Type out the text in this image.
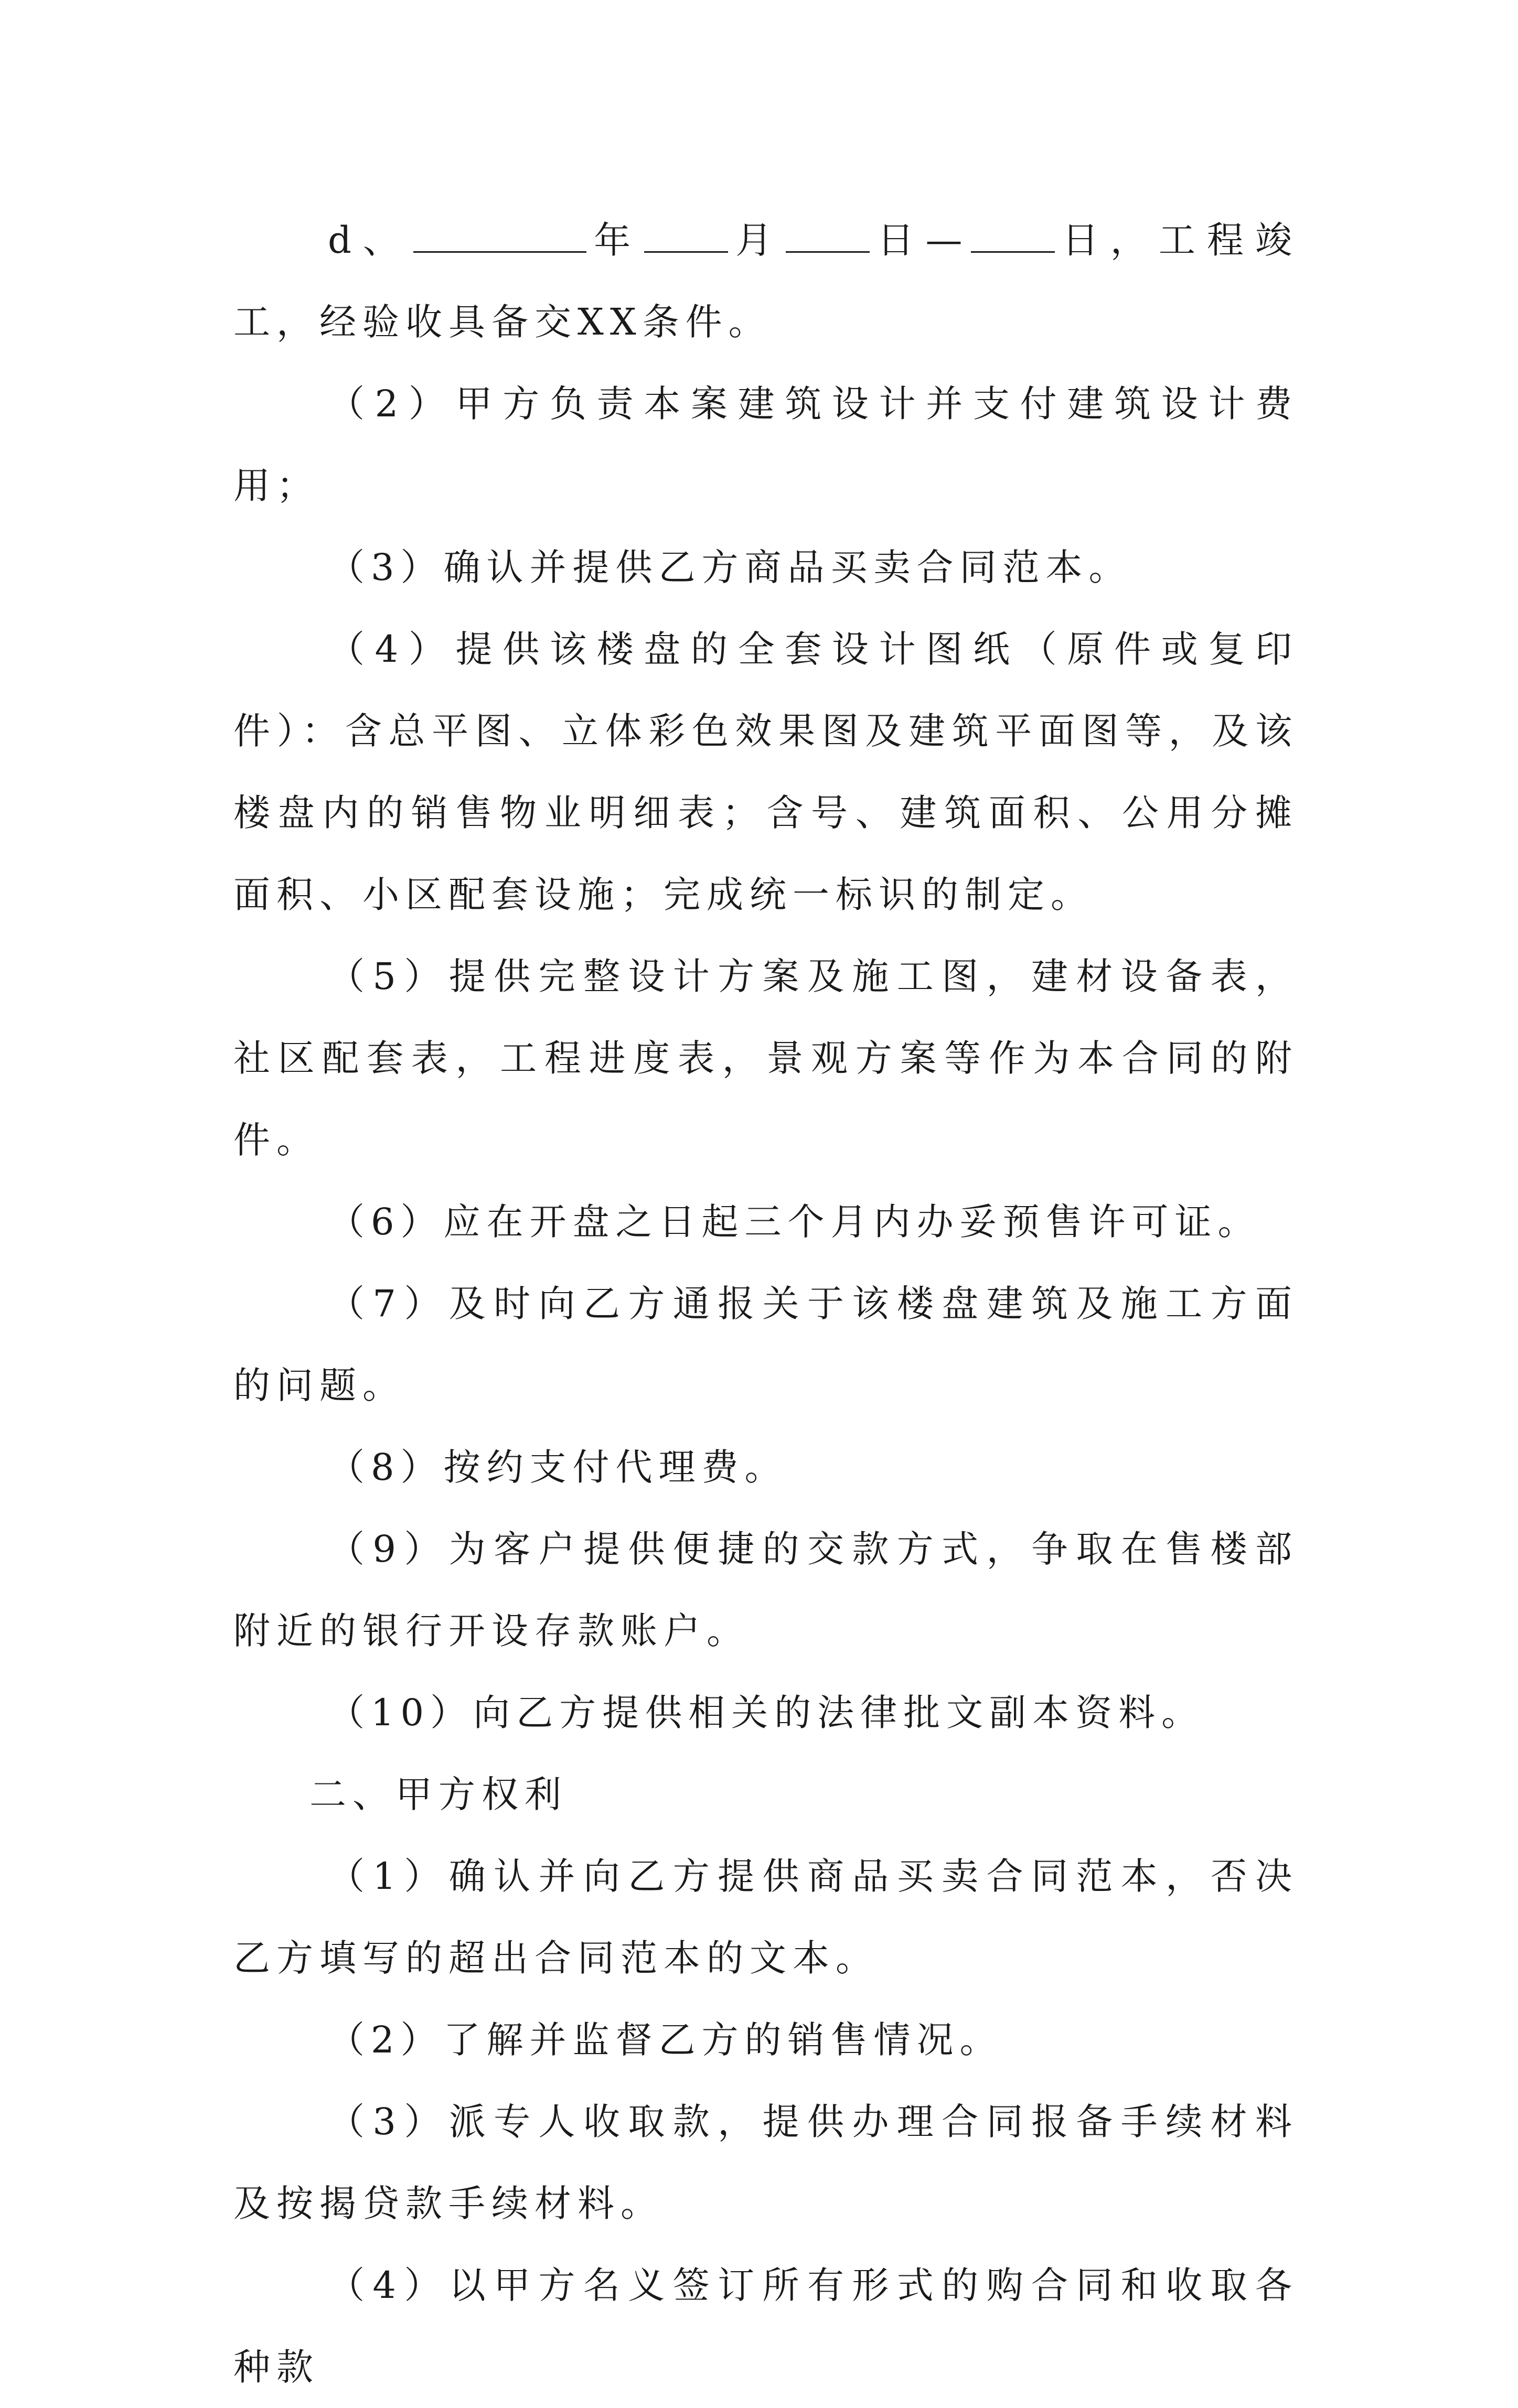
d、	年 月 日— 日，工程竣工，经验收具备交XX条件。

（2）甲方负责本案建筑设计并支付建筑设计费用；

（3）确认并提供乙方商品买卖合同范本。

（4）提供该楼盘的全套设计图纸（原件或复印件）：含总平图、立体彩色效果图及建筑平面图等，及该楼盘内的销售物业明细表；含号、建筑面积、公用分摊面积、小区配套设施；完成统一标识的制定。

（5）提供完整设计方案及施工图，建材设备表，社区配套表，工程进度表，景观方案等作为本合同的附件。

（6）应在开盘之日起三个月内办妥预售许可证。

（7）及时向乙方通报关于该楼盘建筑及施工方面的问题。

（8）按约支付代理费。

（9）为客户提供便捷的交款方式，争取在售楼部附近的银行开设存款账户。

（10）向乙方提供相关的法律批文副本资料。

二、甲方权利

（1）确认并向乙方提供商品买卖合同范本，否决乙方填写的超出合同范本的文本。

（2）了解并监督乙方的销售情况。

（3）派专人收取款，提供办理合同报备手续材料及按揭贷款手续材料。

（4）以甲方名义签订所有形式的购合同和收取各种款
